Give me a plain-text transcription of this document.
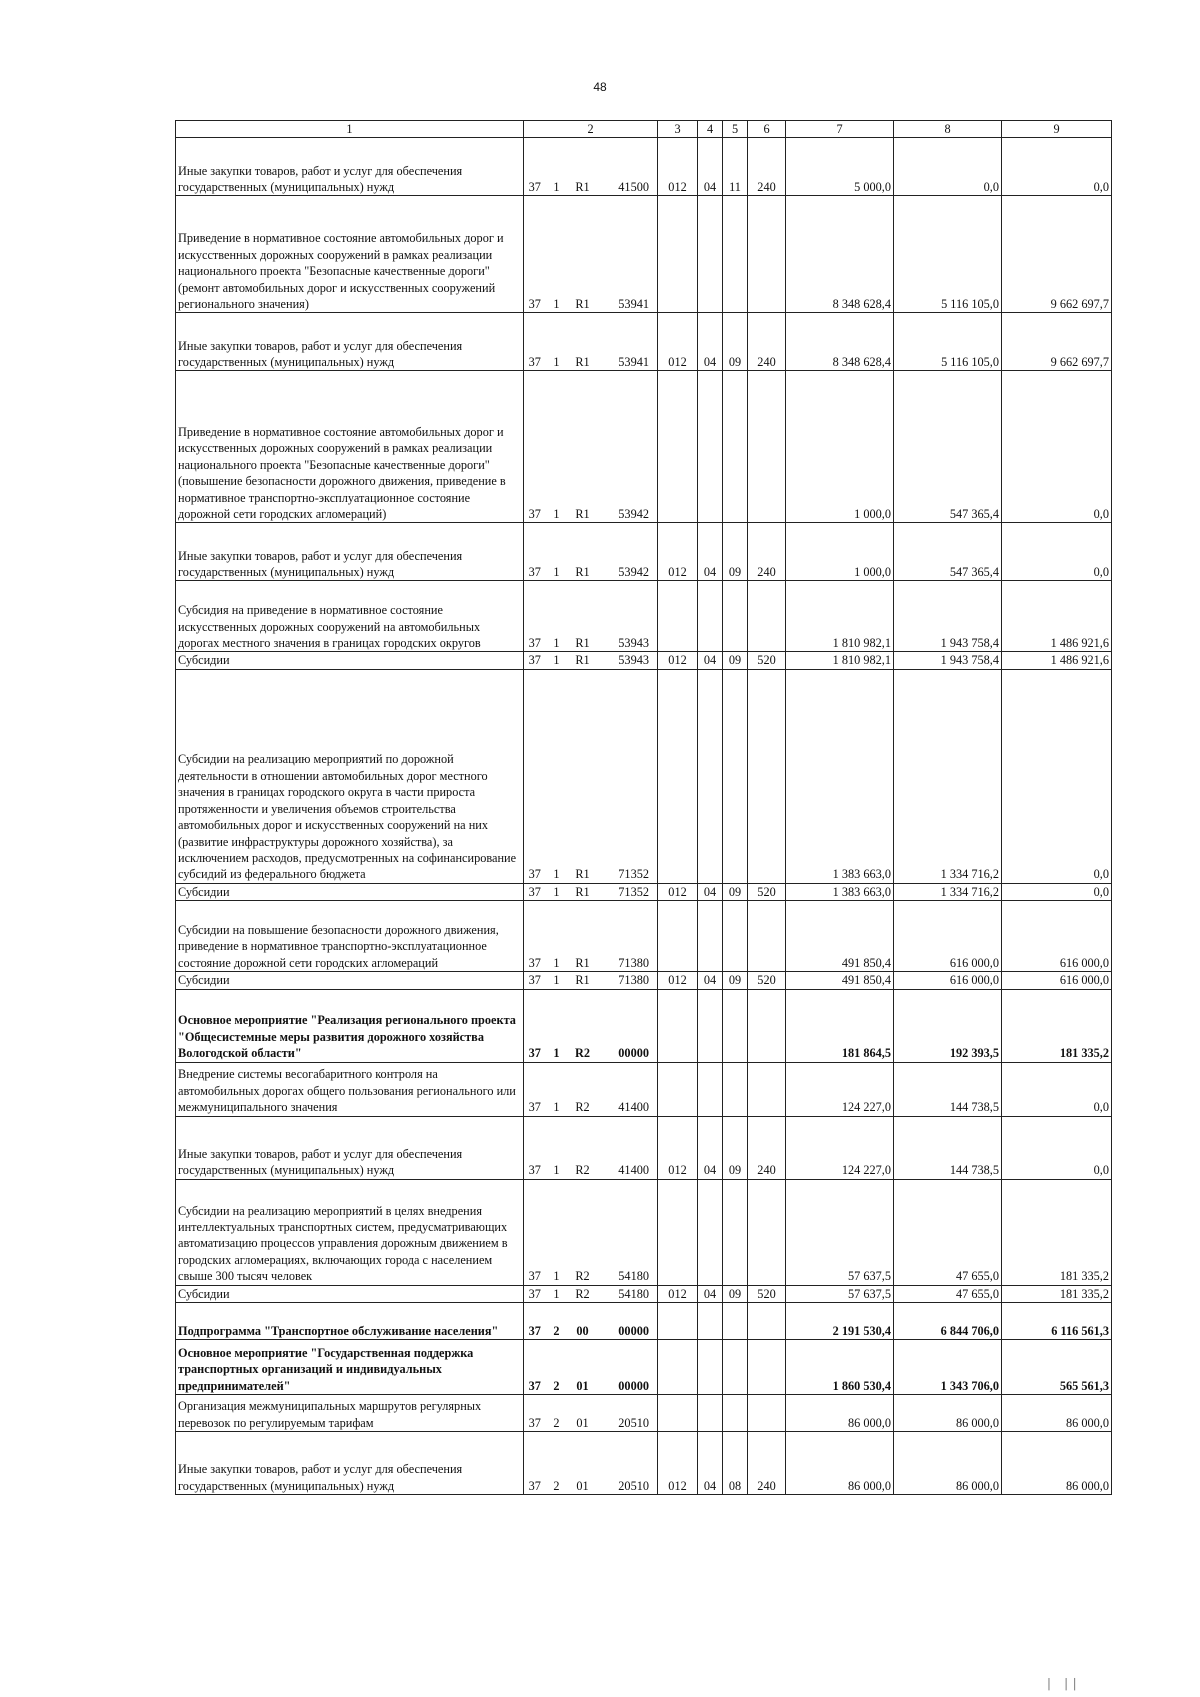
48
1	2				3	4	5	6	7	8	9
Иные закупки товаров, работ и услуг для обеспечения государственных (муниципальных) нужд	37	1	R1	41500	012	04	11	240	5 000,0	0,0	0,0
Приведение в нормативное состояние автомобильных дорог и искусственных дорожных сооружений в рамках реализации национального проекта "Безопасные качественные дороги" (ремонт автомобильных дорог и искусственных сооружений регионального значения)	37	1	R1	53941					8 348 628,4	5 116 105,0	9 662 697,7
Иные закупки товаров, работ и услуг для обеспечения государственных (муниципальных) нужд	37	1	R1	53941	012	04	09	240	8 348 628,4	5 116 105,0	9 662 697,7
Приведение в нормативное состояние автомобильных дорог и искусственных дорожных сооружений в рамках реализации национального проекта "Безопасные качественные дороги" (повышение безопасности дорожного движения, приведение в нормативное транспортно-эксплуатационное состояние дорожной сети городских агломераций)	37	1	R1	53942					1 000,0	547 365,4	0,0
Иные закупки товаров, работ и услуг для обеспечения государственных (муниципальных) нужд	37	1	R1	53942	012	04	09	240	1 000,0	547 365,4	0,0
Субсидия на приведение в нормативное состояние искусственных дорожных сооружений на автомобильных дорогах местного значения в границах городских округов	37	1	R1	53943					1 810 982,1	1 943 758,4	1 486 921,6
Субсидии	37	1	R1	53943	012	04	09	520	1 810 982,1	1 943 758,4	1 486 921,6
Субсидии на реализацию мероприятий по дорожной деятельности в отношении автомобильных дорог местного значения в границах городского округа в части прироста протяженности и увеличения объемов строительства автомобильных дорог и искусственных сооружений на них (развитие инфраструктуры дорожного хозяйства), за исключением расходов, предусмотренных на софинансирование субсидий из федерального бюджета	37	1	R1	71352					1 383 663,0	1 334 716,2	0,0
Субсидии	37	1	R1	71352	012	04	09	520	1 383 663,0	1 334 716,2	0,0
Субсидии на повышение безопасности дорожного движения, приведение в нормативное транспортно-эксплуатационное состояние дорожной сети городских агломераций	37	1	R1	71380					491 850,4	616 000,0	616 000,0
Субсидии	37	1	R1	71380	012	04	09	520	491 850,4	616 000,0	616 000,0
Основное мероприятие "Реализация регионального проекта "Общесистемные меры развития дорожного хозяйства Вологодской области"	37	1	R2	00000					181 864,5	192 393,5	181 335,2
Внедрение системы весогабаритного контроля на автомобильных дорогах общего пользования регионального или межмуниципального значения	37	1	R2	41400					124 227,0	144 738,5	0,0
Иные закупки товаров, работ и услуг для обеспечения государственных (муниципальных) нужд	37	1	R2	41400	012	04	09	240	124 227,0	144 738,5	0,0
Субсидии на реализацию мероприятий в целях внедрения интеллектуальных транспортных систем, предусматривающих автоматизацию процессов управления дорожным движением в городских агломерациях, включающих города с населением свыше 300 тысяч человек	37	1	R2	54180					57 637,5	47 655,0	181 335,2
Субсидии	37	1	R2	54180	012	04	09	520	57 637,5	47 655,0	181 335,2
Подпрограмма "Транспортное обслуживание населения"	37	2	00	00000					2 191 530,4	6 844 706,0	6 116 561,3
Основное мероприятие "Государственная поддержка транспортных организаций и индивидуальных предпринимателей"	37	2	01	00000					1 860 530,4	1 343 706,0	565 561,3
Организация межмуниципальных маршрутов регулярных перевозок по регулируемым тарифам	37	2	01	20510					86 000,0	86 000,0	86 000,0
Иные закупки товаров, работ и услуг для обеспечения государственных (муниципальных) нужд	37	2	01	20510	012	04	08	240	86 000,0	86 000,0	86 000,0
│ ││
